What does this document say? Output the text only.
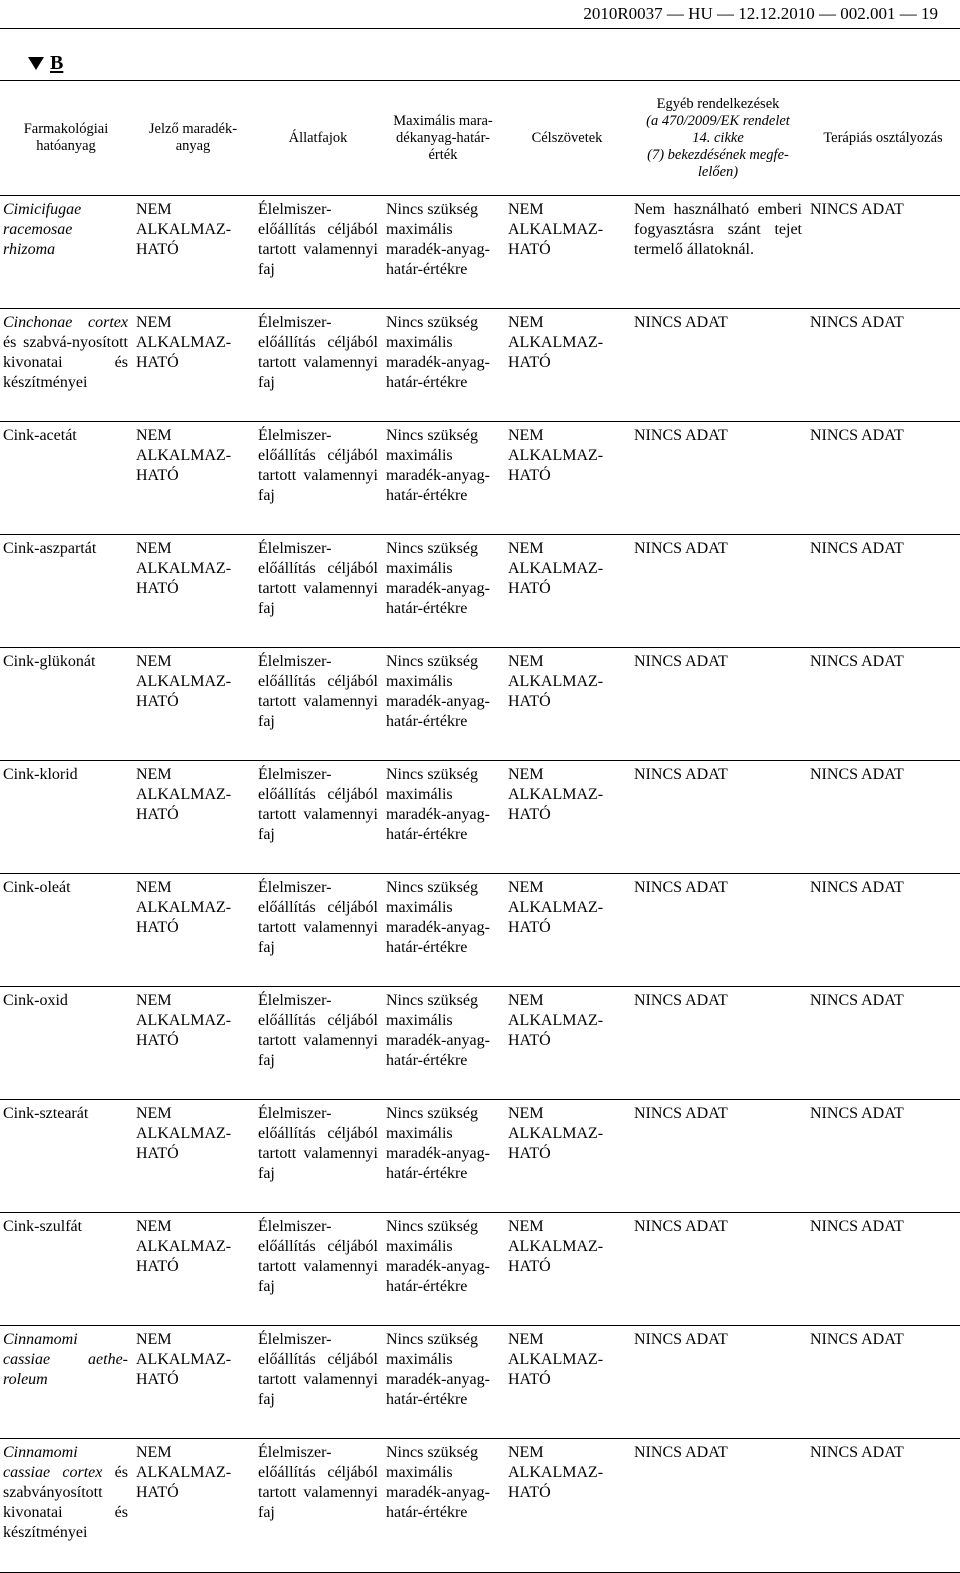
2010R0037 — HU — 12.12.2010 — 002.001 — 19
B
Farmakológiai hatóanyag	Jelző maradék-anyag	Állatfajok	Maximális mara-dékanyag-határ-érték	Célszövetek	Egyéb rendelkezések
(a 470/2009/EK rendelet
14. cikke
(7) bekezdésének megfe-
lelően)	Terápiás osztályozás
Cimicifugae racemosae rhizoma	NEM ALKALMAZ-HATÓ	Élelmiszer-előállítás céljából tartott valamennyi faj	Nincs szükség maximális maradék-anyag-határ-értékre	NEM ALKALMAZ-HATÓ	Nem használható emberi fogyasztásra szánt tejet termelő állatoknál.	NINCS ADAT
Cinchonae cortex és szabvá-nyosított kivonatai és készítményei	NEM ALKALMAZ-HATÓ	Élelmiszer-előállítás céljából tartott valamennyi faj	Nincs szükség maximális maradék-anyag-határ-értékre	NEM ALKALMAZ-HATÓ	NINCS ADAT	NINCS ADAT
Cink-acetát	NEM ALKALMAZ-HATÓ	Élelmiszer-előállítás céljából tartott valamennyi faj	Nincs szükség maximális maradék-anyag-határ-értékre	NEM ALKALMAZ-HATÓ	NINCS ADAT	NINCS ADAT
Cink-aszpartát	NEM ALKALMAZ-HATÓ	Élelmiszer-előállítás céljából tartott valamennyi faj	Nincs szükség maximális maradék-anyag-határ-értékre	NEM ALKALMAZ-HATÓ	NINCS ADAT	NINCS ADAT
Cink-glükonát	NEM ALKALMAZ-HATÓ	Élelmiszer-előállítás céljából tartott valamennyi faj	Nincs szükség maximális maradék-anyag-határ-értékre	NEM ALKALMAZ-HATÓ	NINCS ADAT	NINCS ADAT
Cink-klorid	NEM ALKALMAZ-HATÓ	Élelmiszer-előállítás céljából tartott valamennyi faj	Nincs szükség maximális maradék-anyag-határ-értékre	NEM ALKALMAZ-HATÓ	NINCS ADAT	NINCS ADAT
Cink-oleát	NEM ALKALMAZ-HATÓ	Élelmiszer-előállítás céljából tartott valamennyi faj	Nincs szükség maximális maradék-anyag-határ-értékre	NEM ALKALMAZ-HATÓ	NINCS ADAT	NINCS ADAT
Cink-oxid	NEM ALKALMAZ-HATÓ	Élelmiszer-előállítás céljából tartott valamennyi faj	Nincs szükség maximális maradék-anyag-határ-értékre	NEM ALKALMAZ-HATÓ	NINCS ADAT	NINCS ADAT
Cink-sztearát	NEM ALKALMAZ-HATÓ	Élelmiszer-előállítás céljából tartott valamennyi faj	Nincs szükség maximális maradék-anyag-határ-értékre	NEM ALKALMAZ-HATÓ	NINCS ADAT	NINCS ADAT
Cink-szulfát	NEM ALKALMAZ-HATÓ	Élelmiszer-előállítás céljából tartott valamennyi faj	Nincs szükség maximális maradék-anyag-határ-értékre	NEM ALKALMAZ-HATÓ	NINCS ADAT	NINCS ADAT
Cinnamomi cassiae aethe-roleum	NEM ALKALMAZ-HATÓ	Élelmiszer-előállítás céljából tartott valamennyi faj	Nincs szükség maximális maradék-anyag-határ-értékre	NEM ALKALMAZ-HATÓ	NINCS ADAT	NINCS ADAT
Cinnamomi cassiae cortex és szabványosított kivonatai és készítményei	NEM ALKALMAZ-HATÓ	Élelmiszer-előállítás céljából tartott valamennyi faj	Nincs szükség maximális maradék-anyag-határ-értékre	NEM ALKALMAZ-HATÓ	NINCS ADAT	NINCS ADAT
